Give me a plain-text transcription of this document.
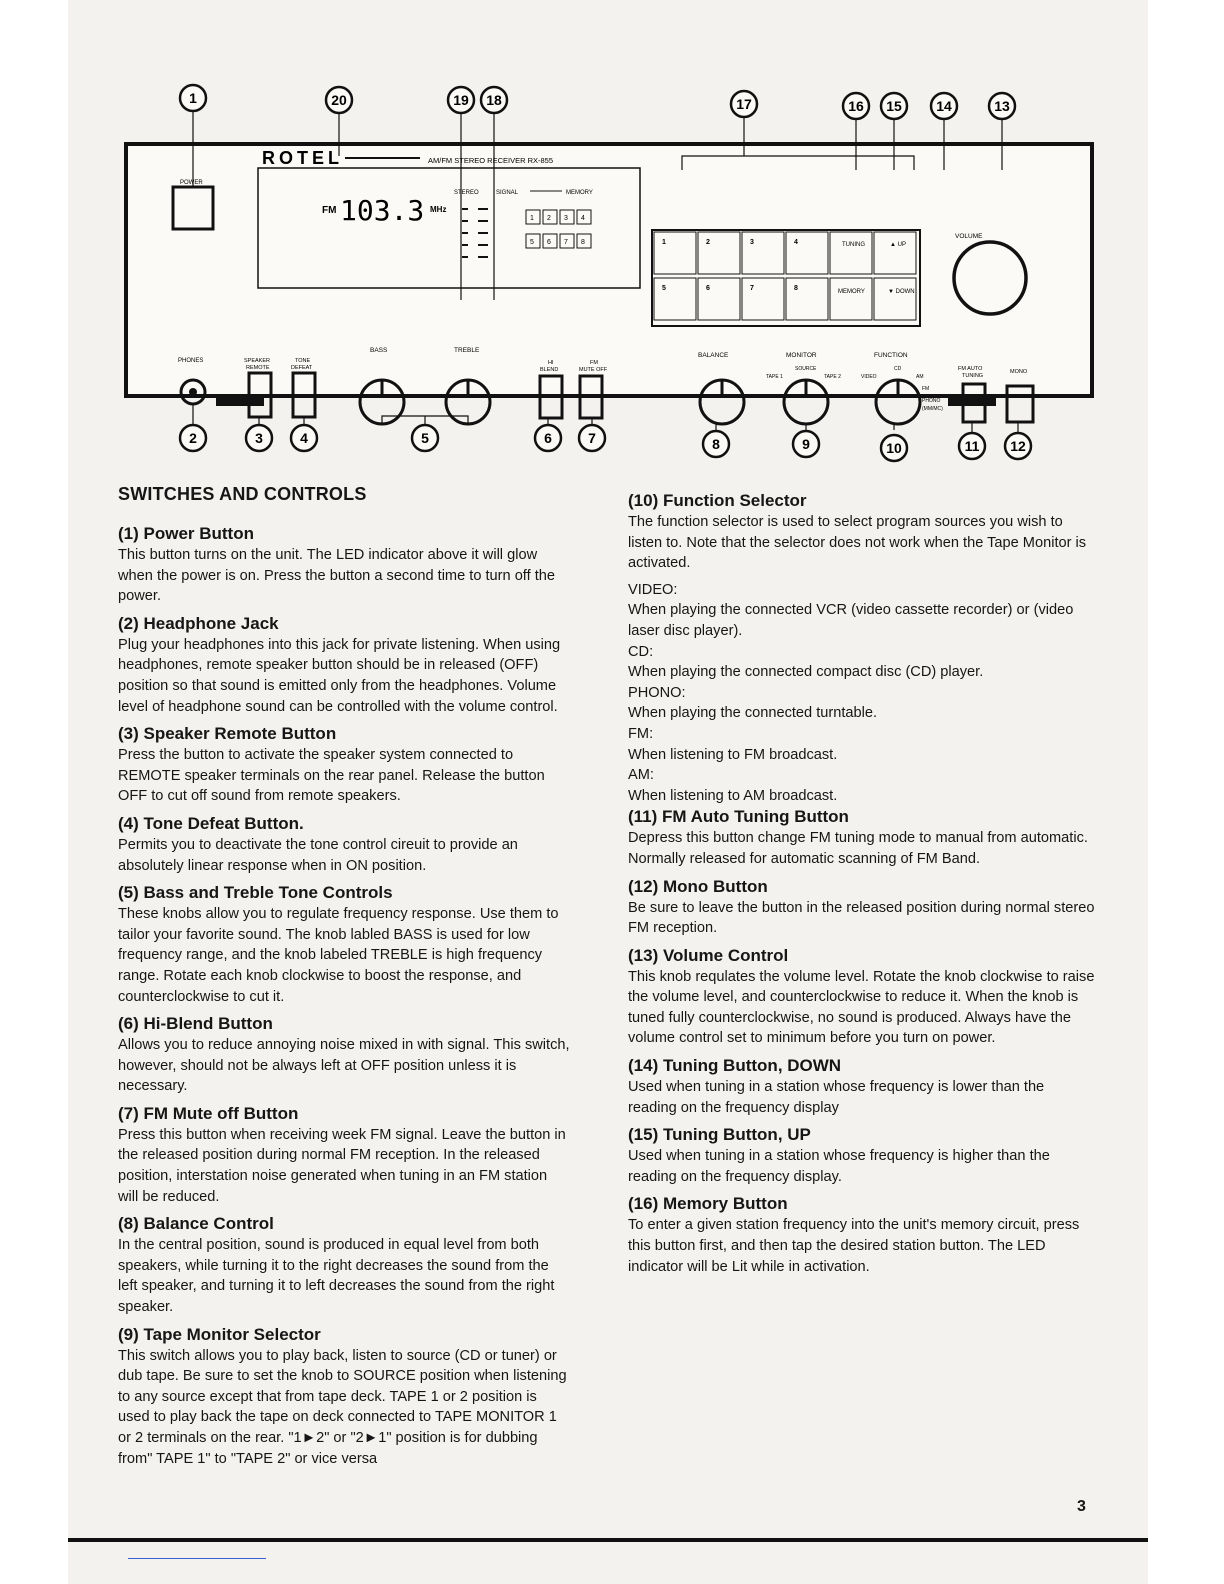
ROTEL	AM/FM STEREO RECEIVER RX-855
POWER
FM 103.3 MHz
STEREO	SIGNAL	MEMORY
1 2 3 4
5 6 7 8
PHONES	SPEAKER REMOTE
TONE DEFEAT
BASS	TREBLE
HI BLEND
FM MUTE OFF
1	2	3	4
5	6	7	8
TUNING	▲ UP
MEMORY	▼ DOWN
VOLUME
BALANCE	MONITOR
SOURCE
TAPE 1	TAPE 2
FUNCTION
CD
VIDEO	AM
FM
PHONO
(MM/MC)
FM AUTO TUNING
MONO
1
2	3	4	5	6	7	8	9	10	11 12
13
14
15
16
17
18
19
20
SWITCHES AND CONTROLS
(1) Power Button

This button turns on the unit. The LED indicator above it will glow when the power is on. Press the button a second time to turn off the power.

(2) Headphone Jack

Plug your headphones into this jack for private listening. When using headphones, remote speaker button should be in released (OFF) position so that sound is emitted only from the headphones. Volume level of headphone sound can be controlled with the volume control.

(3) Speaker Remote Button

Press the button to activate the speaker system connected to REMOTE speaker terminals on the rear panel. Release the button OFF to cut off sound from remote speakers.

(4) Tone Defeat Button.

Permits you to deactivate the tone control cireuit to provide an absolutely linear response when in ON position.

(5) Bass and Treble Tone Controls

These knobs allow you to regulate frequency response. Use them to tailor your favorite sound. The knob labled BASS is used for low frequency range, and the knob labeled TREBLE is high frequency range. Rotate each knob clockwise to boost the response, and counterclockwise to cut it.

(6) Hi-Blend Button

Allows you to reduce annoying noise mixed in with signal. This switch, however, should not be always left at OFF position unless it is necessary.

(7) FM Mute off Button

Press this button when receiving week FM signal. Leave the button in the released position during normal FM reception. In the released position, interstation noise generated when tuning in an FM station will be reduced.

(8) Balance Control

In the central position, sound is produced in equal level from both speakers, while turning it to the right decreases the sound from the left speaker, and turning it to left decreases the sound from the right speaker.

(9) Tape Monitor Selector

This switch allows you to play back, listen to source (CD or tuner) or dub tape. Be sure to set the knob to SOURCE position when listening to any source except that from tape deck. TAPE 1 or 2 position is used to play back the tape on deck connected to TAPE MONITOR 1 or 2 terminals on the rear. "1►2" or "2►1" position is for dubbing from" TAPE 1" to "TAPE 2" or vice versa

(10) Function Selector

The function selector is used to select program sources you wish to listen to. Note that the selector does not work when the Tape Monitor is activated.

VIDEO:

When playing the connected VCR (video cassette recorder) or (video laser disc player).

CD:

When playing the connected compact disc (CD) player.

PHONO:

When playing the connected turntable.

FM:

When listening to FM broadcast.

AM:

When listening to AM broadcast.

(11) FM Auto Tuning Button

Depress this button change FM tuning mode to manual from automatic. Normally released for automatic scanning of FM Band.

(12) Mono Button

Be sure to leave the button in the released position during normal stereo FM reception.

(13) Volume Control

This knob requlates the volume level. Rotate the knob clockwise to raise the volume level, and counterclockwise to reduce it. When the knob is tuned fully counterclockwise, no sound is produced. Always have the volume control set to minimum before you turn on power.

(14) Tuning Button, DOWN

Used when tuning in a station whose frequency is lower than the reading on the frequency display

(15) Tuning Button, UP

Used when tuning in a station whose frequency is higher than the reading on the frequency display.

(16) Memory Button

To enter a given station frequency into the unit's memory circuit, press this button first, and then tap the desired station button. The LED indicator will be Lit while in activation.

3
